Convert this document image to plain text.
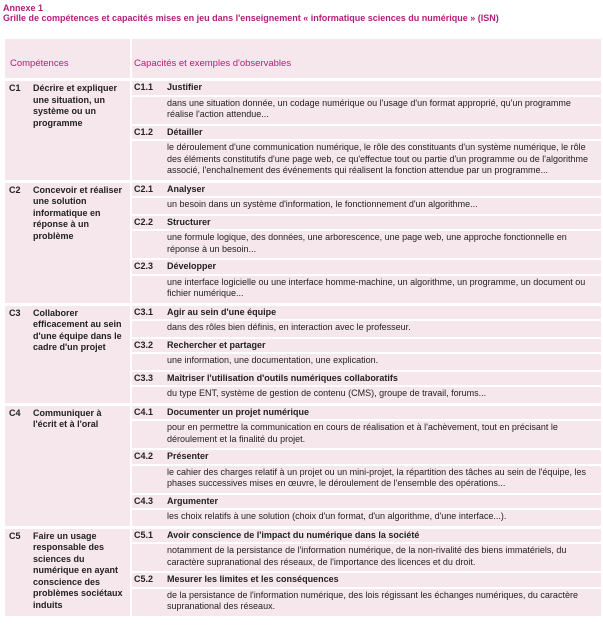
Annexe 1
Grille de compétences et capacités mises en jeu dans l'enseignement « informatique sciences du numérique » (ISN)
Compétences		Capacités et exemples d'observables	
C1	Décrire et expliquer une situation, un système ou un programme	C1.1	Justifier
			dans une situation donnée, un codage numérique ou l'usage d'un format approprié, qu'un programme réalise l'action attendue...
		C1.2	Détailler
			le déroulement d'une communication numérique, le rôle des constituants d'un système numérique, le rôle des éléments constitutifs d'une page web, ce qu'effectue tout ou partie d'un programme ou de l'algorithme associé, l'enchaînement des événements qui réalisent la fonction attendue par un programme...
C2	Concevoir et réaliser une solution informatique en réponse à un problème	C2.1	Analyser
			un besoin dans un système d'information, le fonctionnement d'un algorithme...
		C2.2	Structurer
			une formule logique, des données, une arborescence, une page web, une approche fonctionnelle en réponse à un besoin...
		C2.3	Développer
			une interface logicielle ou une interface homme-machine, un algorithme, un programme, un document ou fichier numérique...
C3	Collaborer efficacement au sein d'une équipe dans le cadre d'un projet	C3.1	Agir au sein d'une équipe
			dans des rôles bien définis, en interaction avec le professeur.
		C3.2	Rechercher et partager
			une information, une documentation, une explication.
		C3.3	Maîtriser l'utilisation d'outils numériques collaboratifs
			du type ENT, système de gestion de contenu (CMS), groupe de travail, forums...
C4	Communiquer à l'écrit et à l'oral	C4.1	Documenter un projet numérique
			pour en permettre la communication en cours de réalisation et à l'achèvement, tout en précisant le déroulement et la finalité du projet.
		C4.2	Présenter
			le cahier des charges relatif à un projet ou un mini-projet, la répartition des tâches au sein de l'équipe, les phases successives mises en œuvre, le déroulement de l'ensemble des opérations...
		C4.3	Argumenter
			les choix relatifs à une solution (choix d'un format, d'un algorithme, d'une interface...).
C5	Faire un usage responsable des sciences du numérique en ayant conscience des problèmes sociétaux induits	C5.1	Avoir conscience de l'impact du numérique dans la société
			notamment de la persistance de l'information numérique, de la non-rivalité des biens immatériels, du caractère supranational des réseaux, de l'importance des licences et du droit.
		C5.2	Mesurer les limites et les conséquences
			de la persistance de l'information numérique, des lois régissant les échanges numériques, du caractère supranational des réseaux.
